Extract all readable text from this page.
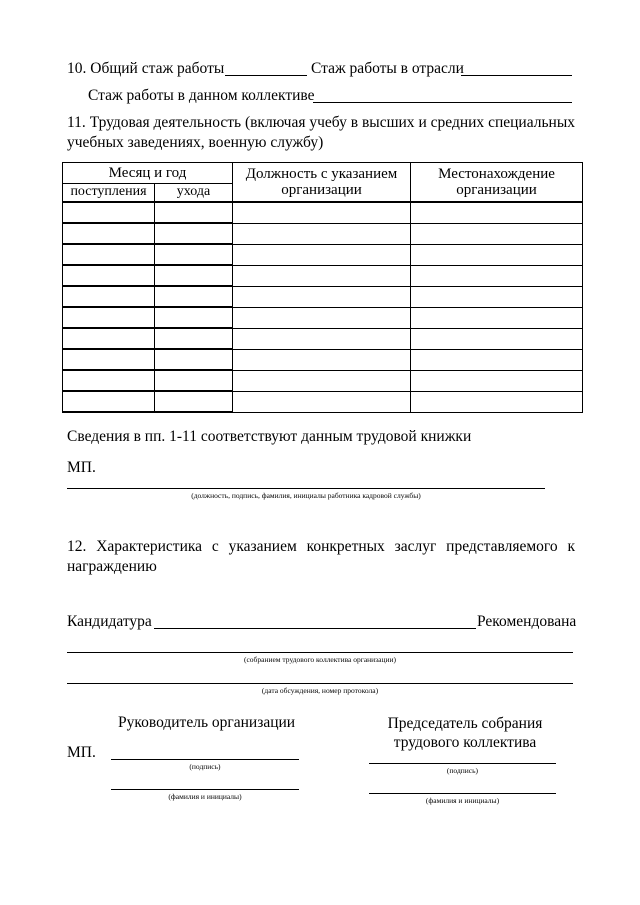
10. Общий стаж работы	Стаж работы в отрасли
Стаж работы в данном коллективе
11. Трудовая деятельность (включая учебу в высших и средних специальных учебных заведениях, военную службу)
Месяц и год		Должность с указанием организации	Местонахождение организации
поступления	ухода		

Сведения в пп. 1-11 соответствуют данным трудовой книжки
МП.
(должность, подпись, фамилия, инициалы работника кадровой службы)
12. Характеристика с указанием конкретных заслуг представляемого к награждению
Кандидатура	Рекомендована
(собранием трудового коллектива организации)
(дата обсуждения, номер протокола)
Руководитель организации	Председатель собрания трудового коллектива
МП.
(подпись)	(подпись)
(фамилия и инициалы)	(фамилия и инициалы)
